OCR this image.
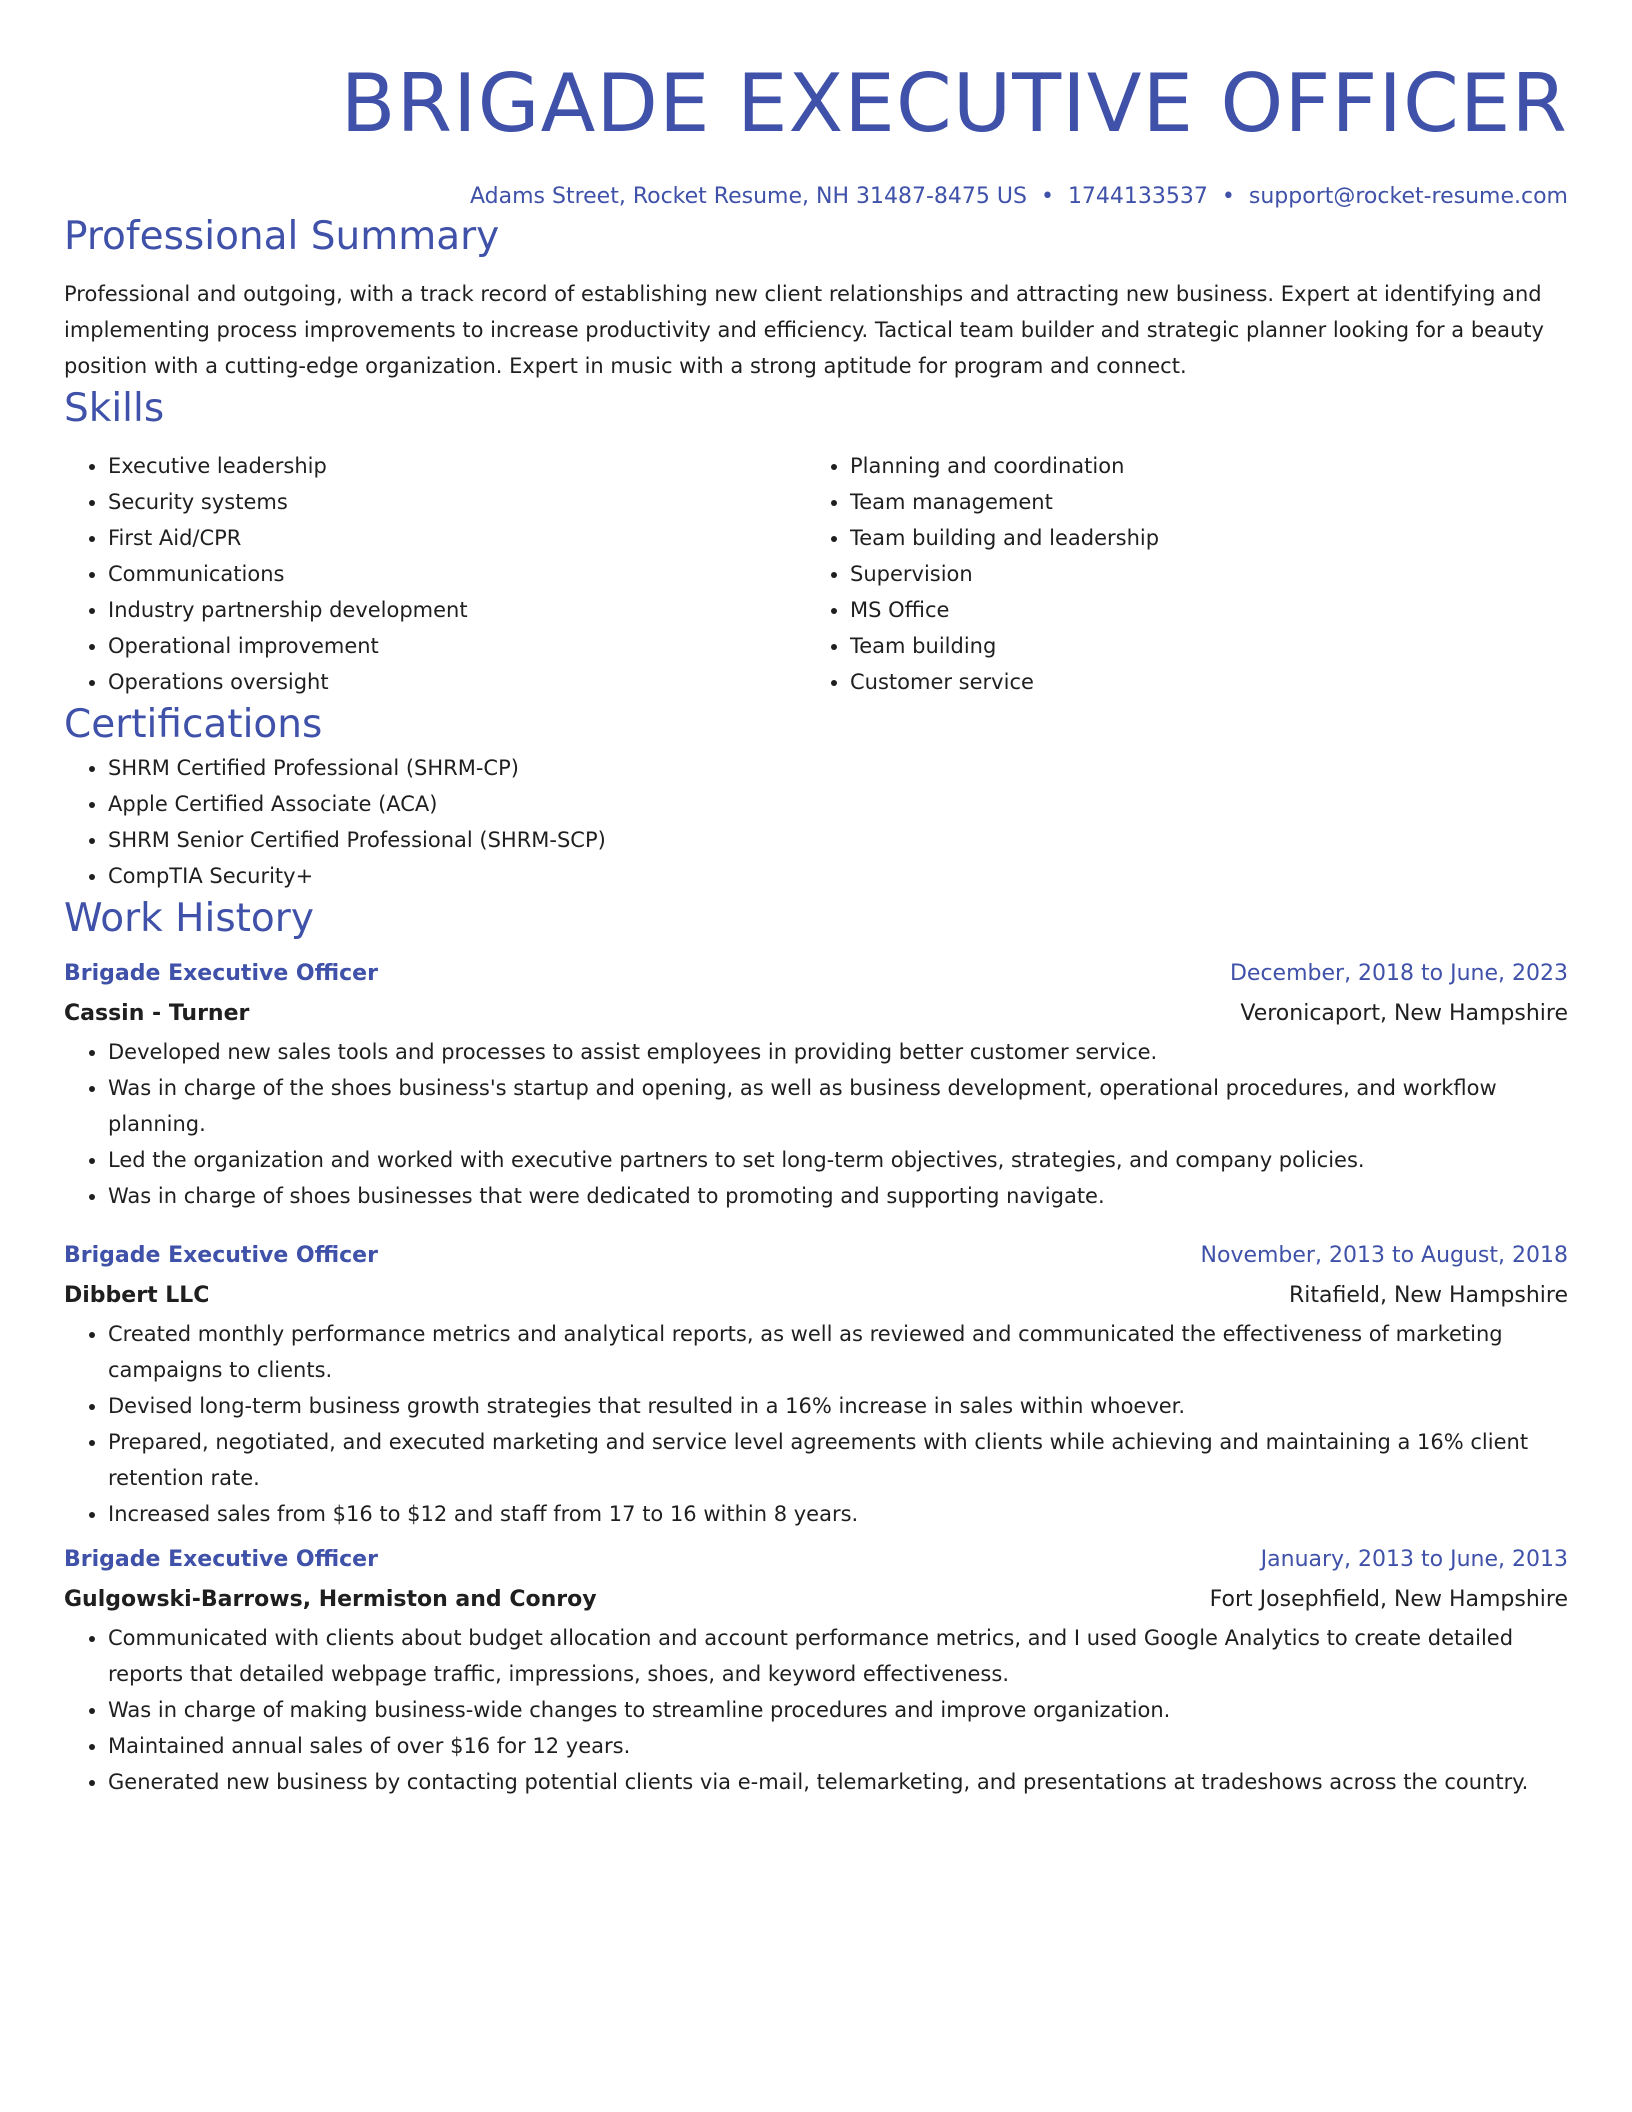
BRIGADE EXECUTIVE OFFICER
Adams Street, Rocket Resume, NH 31487-8475 US • 1744133537 • support@rocket-resume.com
Professional Summary
Professional and outgoing, with a track record of establishing new client relationships and attracting new business. Expert at identifying and implementing process improvements to increase productivity and efficiency. Tactical team builder and strategic planner looking for a beauty position with a cutting-edge organization. Expert in music with a strong aptitude for program and connect.
Skills
• Executive leadership
• Security systems
• First Aid/CPR
• Communications
• Industry partnership development
• Operational improvement
• Operations oversight
• Planning and coordination
• Team management
• Team building and leadership
• Supervision
• MS Office
• Team building
• Customer service
Certifications
• SHRM Certified Professional (SHRM-CP)
• Apple Certified Associate (ACA)
• SHRM Senior Certified Professional (SHRM-SCP)
• CompTIA Security+
Work History
Brigade Executive Officer	December, 2018 to June, 2023
Cassin - Turner	Veronicaport, New Hampshire
• Developed new sales tools and processes to assist employees in providing better customer service.
• Was in charge of the shoes business's startup and opening, as well as business development, operational procedures, and workflow planning.
• Led the organization and worked with executive partners to set long-term objectives, strategies, and company policies.
• Was in charge of shoes businesses that were dedicated to promoting and supporting navigate.
Brigade Executive Officer	November, 2013 to August, 2018
Dibbert LLC	Ritafield, New Hampshire
• Created monthly performance metrics and analytical reports, as well as reviewed and communicated the effectiveness of marketing campaigns to clients.
• Devised long-term business growth strategies that resulted in a 16% increase in sales within whoever.
• Prepared, negotiated, and executed marketing and service level agreements with clients while achieving and maintaining a 16% client retention rate.
• Increased sales from $16 to $12 and staff from 17 to 16 within 8 years.
Brigade Executive Officer	January, 2013 to June, 2013
Gulgowski-Barrows, Hermiston and Conroy	Fort Josephfield, New Hampshire
• Communicated with clients about budget allocation and account performance metrics, and I used Google Analytics to create detailed reports that detailed webpage traffic, impressions, shoes, and keyword effectiveness.
• Was in charge of making business-wide changes to streamline procedures and improve organization.
• Maintained annual sales of over $16 for 12 years.
• Generated new business by contacting potential clients via e-mail, telemarketing, and presentations at tradeshows across the country.
